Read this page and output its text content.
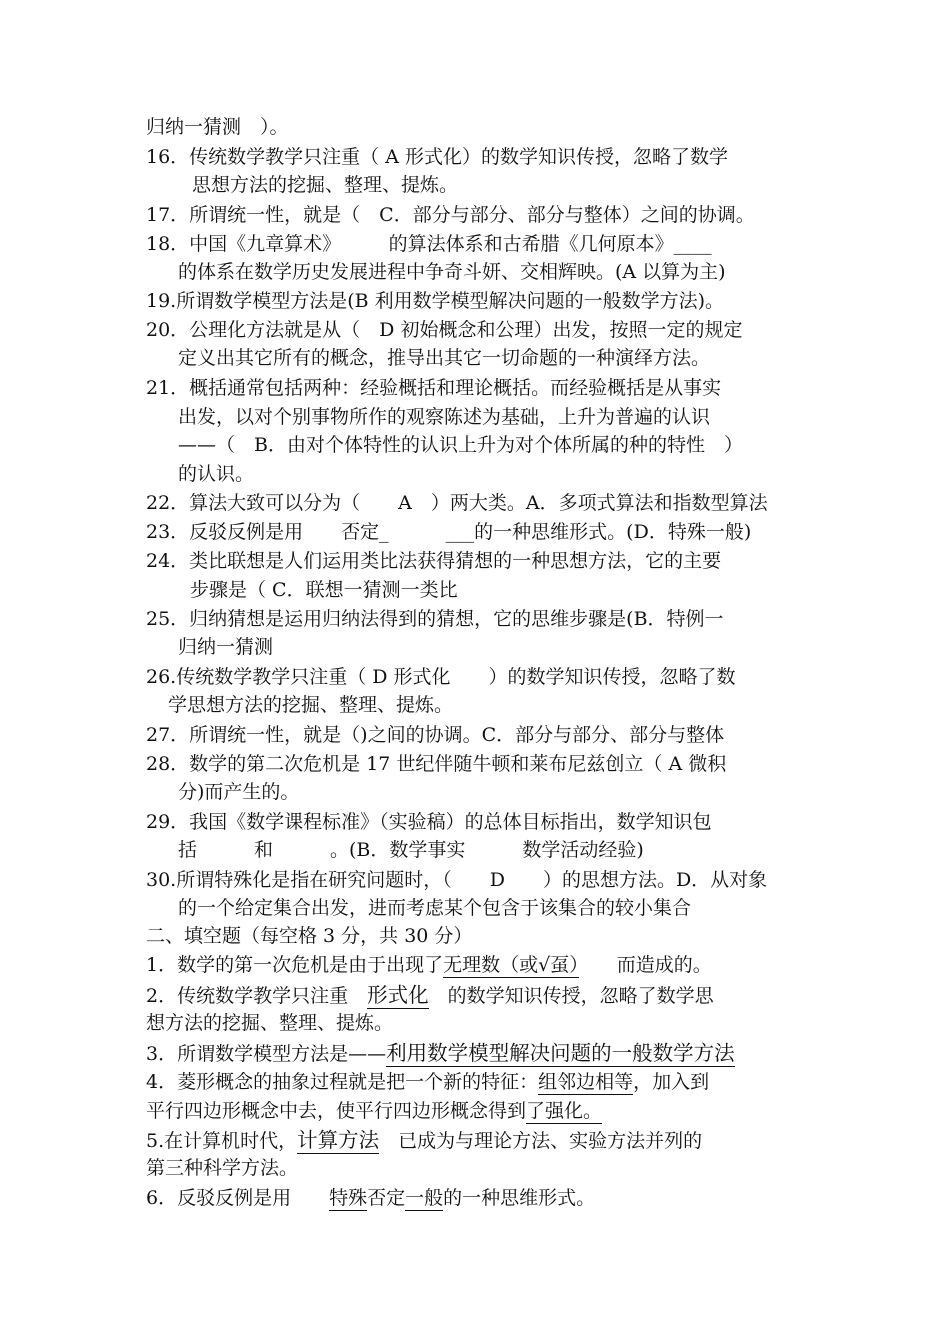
归纳一猜测　）。
16．传统数学教学只注重（ A 形式化）的数学知识传授，忽略了数学
思想方法的挖掘、整理、提炼。
17．所谓统一性，就是（　C．部分与部分、部分与整体）之间的协调。
18．中国《九章算术》　　　的算法体系和古希腊《几何原本》____
的体系在数学历史发展进程中争奇斗妍、交相辉映。(A 以算为主)
19.所谓数学模型方法是(B 利用数学模型解决问题的一般数学方法)。
20．公理化方法就是从（　D 初始概念和公理）出发，按照一定的规定
定义出其它所有的概念，推导出其它一切命题的一种演绎方法。
21．概括通常包括两种：经验概括和理论概括。而经验概括是从事实
出发，以对个别事物所作的观察陈述为基础，上升为普遍的认识
——（　B．由对个体特性的认识上升为对个体所属的种的特性　）
的认识。
22．算法大致可以分为（　　A　）两大类。A．多项式算法和指数型算法
23．反驳反例是用　　否定_　　　___的一种思维形式。(D．特殊一般)
24．类比联想是人们运用类比法获得猜想的一种思想方法，它的主要
步骤是（ C．联想一猜测一类比
25．归纳猜想是运用归纳法得到的猜想，它的思维步骤是(B．特例一
归纳一猜测
26.传统数学教学只注重（ D 形式化　　）的数学知识传授，忽略了数
学思想方法的挖掘、整理、提炼。
27．所谓统一性，就是（)之间的协调。C．部分与部分、部分与整体
28．数学的第二次危机是 17 世纪伴随牛顿和莱布尼兹创立（ A 微积
分)而产生的。
29．我国《数学课程标准》（实验稿）的总体目标指出，数学知识包
括　　　和　　　。(B．数学事实　　　数学活动经验)
30.所谓特殊化是指在研究问题时，（　　D　　）的思想方法。D．从对象
的一个给定集合出发，进而考虑某个包含于该集合的较小集合
二、填空题（每空格 3 分，共 30 分）
1．数学的第一次危机是由于出现了无理数（或√虿）　　而造成的。
2．传统数学教学只注重　形式化　的数学知识传授，忽略了数学思
想方法的挖掘、整理、提炼。
3．所谓数学模型方法是——利用数学模型解决问题的一般数学方法
4．菱形概念的抽象过程就是把一个新的特征：组邻边相等，加入到
平行四边形概念中去，使平行四边形概念得到了强化。
5.在计算机时代，计算方法　已成为与理论方法、实验方法并列的
第三种科学方法。
6．反驳反例是用　　特殊否定一般的一种思维形式。
